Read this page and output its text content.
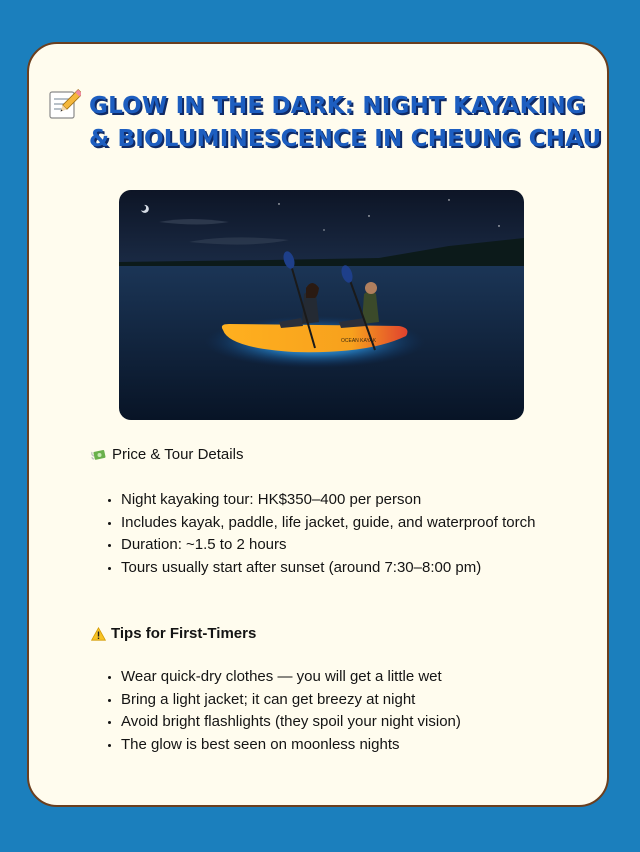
GLOW IN THE DARK: NIGHT KAYAKING & BIOLUMINESCENCE IN CHEUNG CHAU
OCEAN KAYAK
Price & Tour Details
• Night kayaking tour: HK$350–400 per person
• Includes kayak, paddle, life jacket, guide, and waterproof torch
• Duration: ~1.5 to 2 hours
• Tours usually start after sunset (around 7:30–8:00 pm)
Tips for First-Timers
• Wear quick-dry clothes — you will get a little wet
• Bring a light jacket; it can get breezy at night
• Avoid bright flashlights (they spoil your night vision)
• The glow is best seen on moonless nights
